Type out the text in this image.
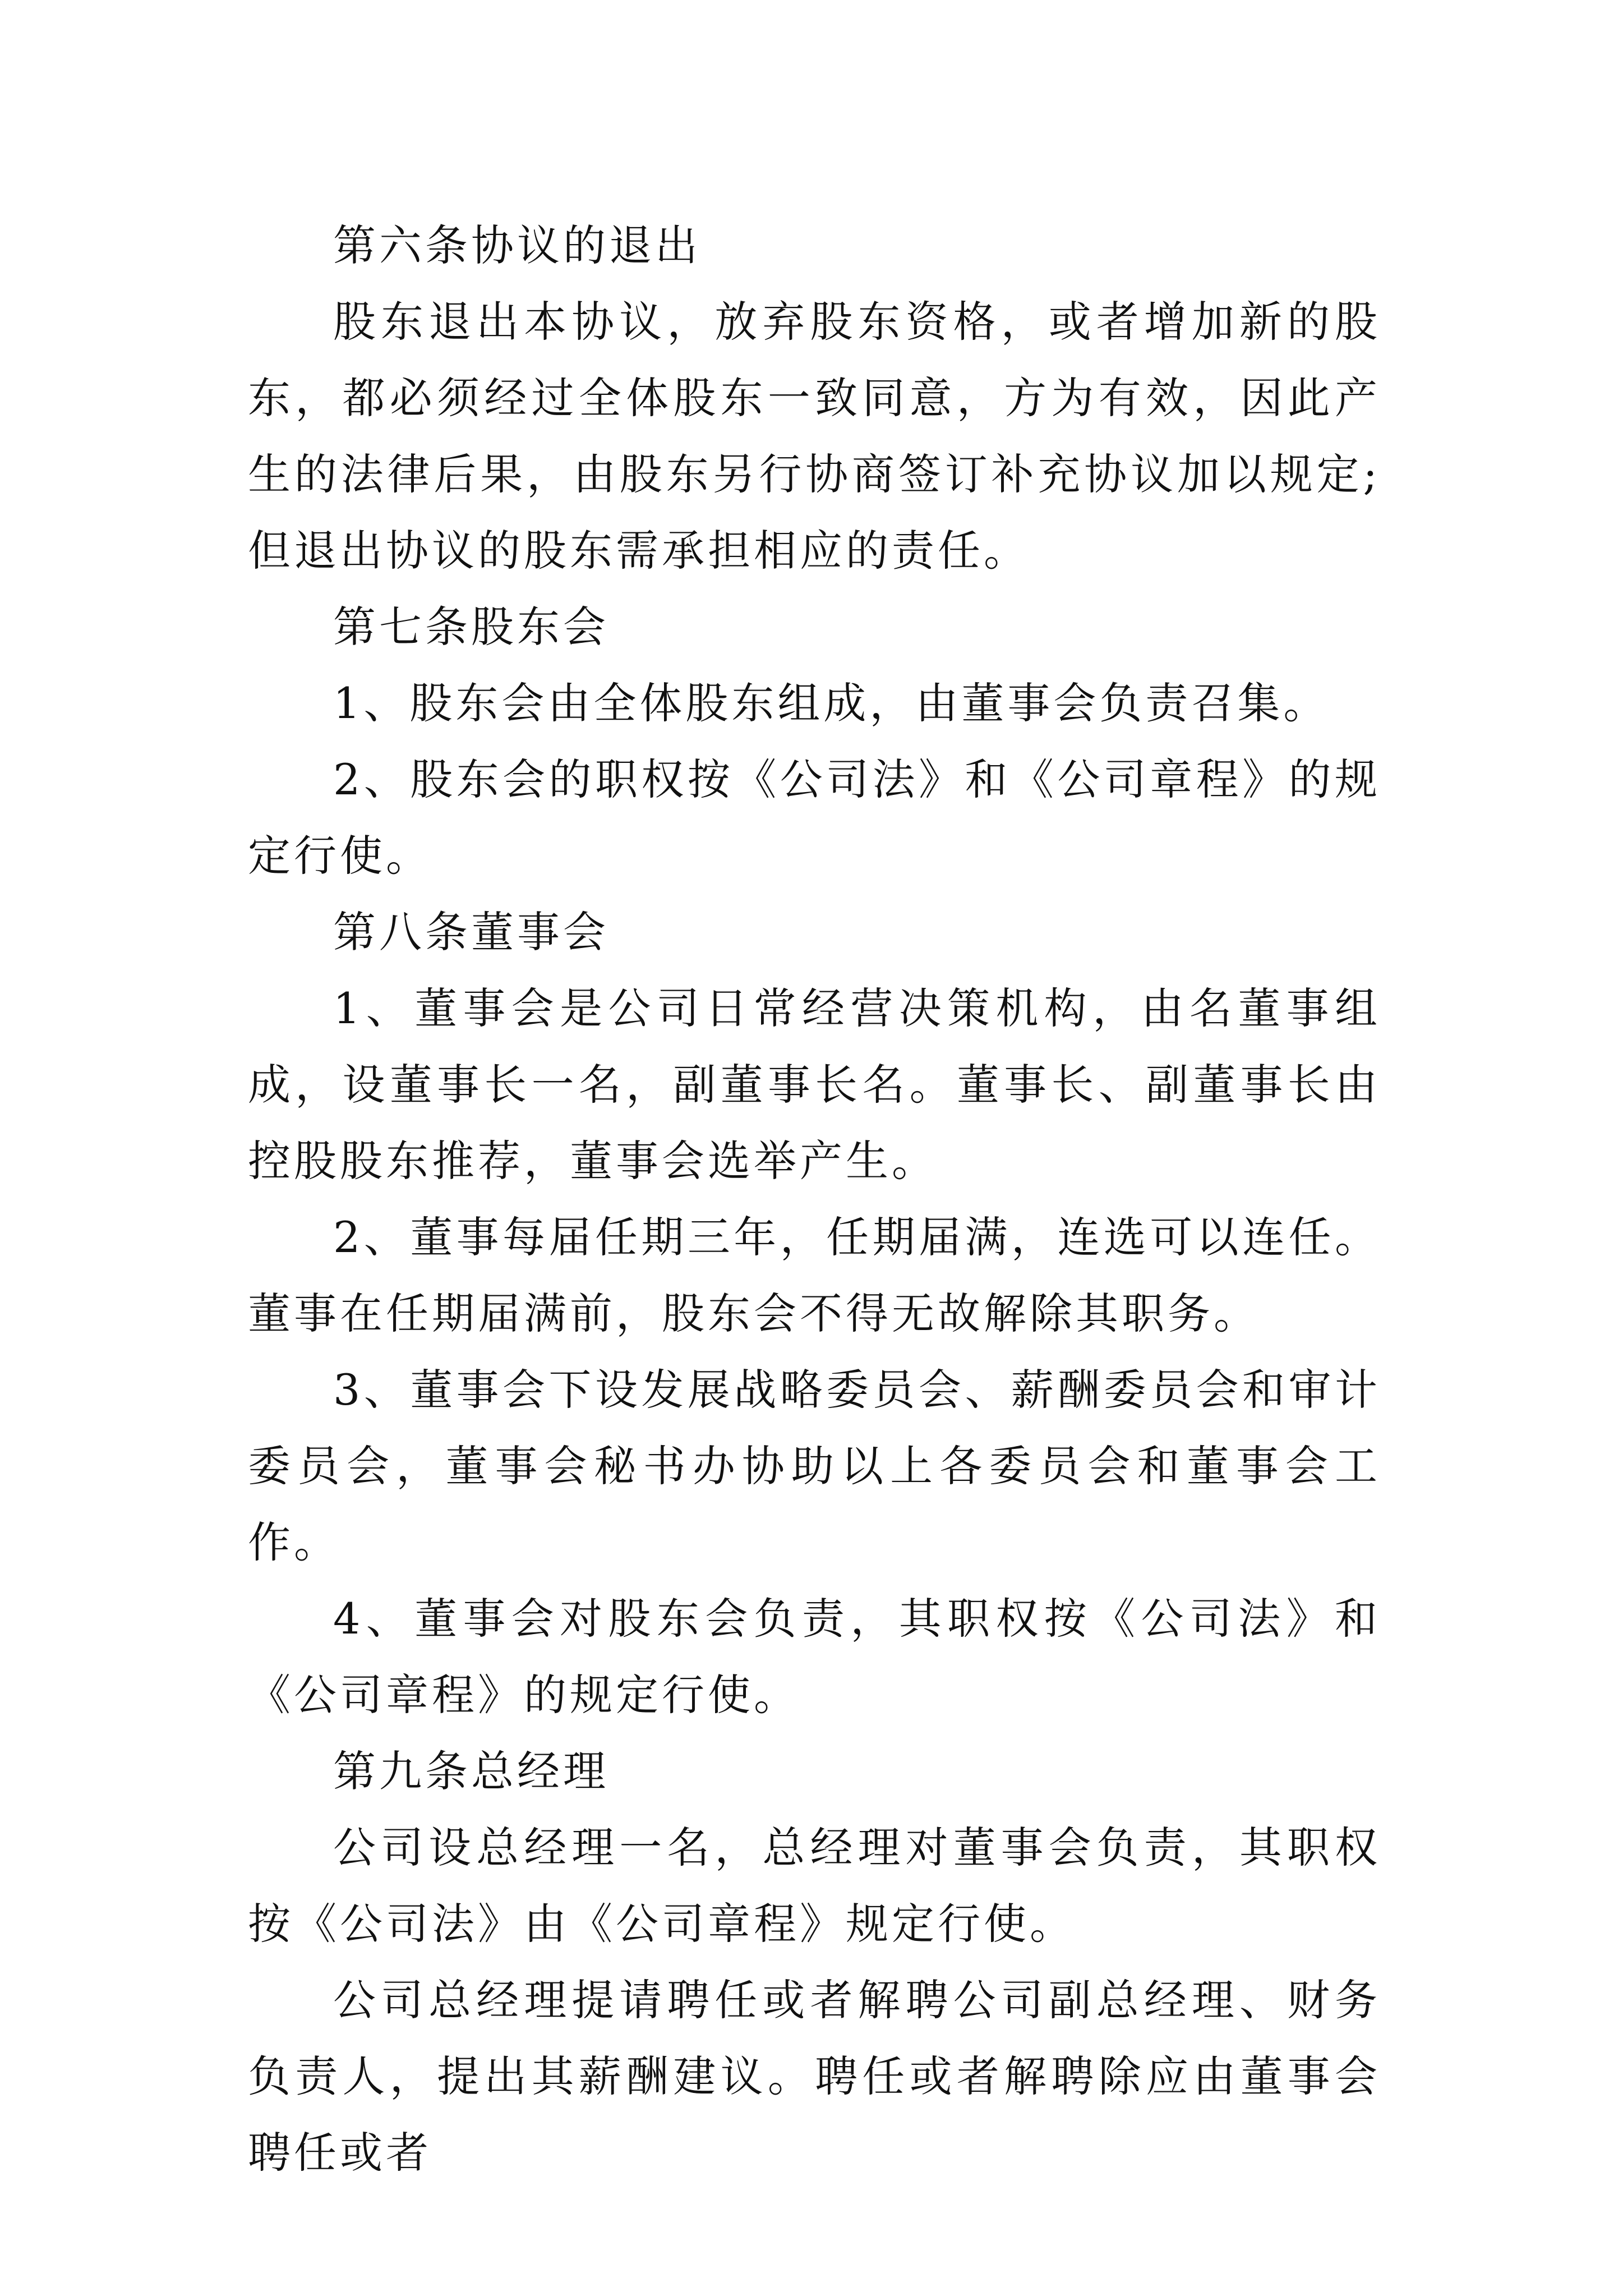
第六条协议的退出

股东退出本协议，放弃股东资格，或者增加新的股东，都必须经过全体股东一致同意，方为有效，因此产生的法律后果，由股东另行协商签订补充协议加以规定;但退出协议的股东需承担相应的责任。

第七条股东会

1、股东会由全体股东组成，由董事会负责召集。

2、股东会的职权按《公司法》和《公司章程》的规定行使。

第八条董事会

1、董事会是公司日常经营决策机构，由名董事组成，设董事长一名，副董事长名。董事长、副董事长由控股股东推荐，董事会选举产生。

2、董事每届任期三年，任期届满，连选可以连任。董事在任期届满前，股东会不得无故解除其职务。

3、董事会下设发展战略委员会、薪酬委员会和审计委员会，董事会秘书办协助以上各委员会和董事会工作。

4、董事会对股东会负责，其职权按《公司法》和《公司章程》的规定行使。

第九条总经理

公司设总经理一名，总经理对董事会负责，其职权按《公司法》由《公司章程》规定行使。

公司总经理提请聘任或者解聘公司副总经理、财务负责人，提出其薪酬建议。聘任或者解聘除应由董事会聘任或者
